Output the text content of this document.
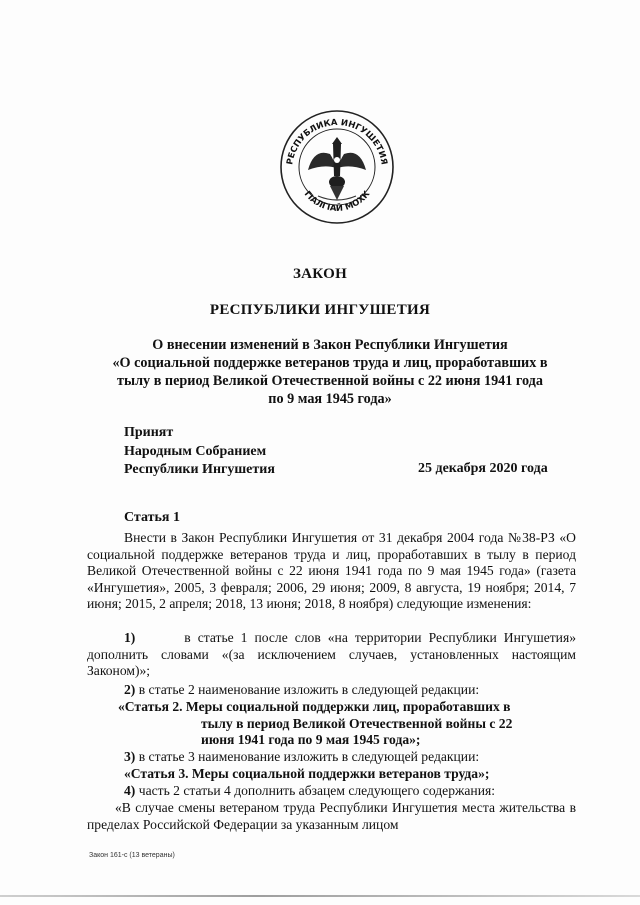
РЕСПУБЛИКА ИНГУШЕТИЯ
ГIАЛГIАЙ МОХК
ЗАКОН
РЕСПУБЛИКИ ИНГУШЕТИЯ
О внесении изменений в Закон Республики Ингушетия
«О социальной поддержке ветеранов труда и лиц, проработавших в
тылу в период Великой Отечественной войны с 22 июня 1941 года
по 9 мая 1945 года»
Принят
Народным Собранием
Республики Ингушетия	25 декабря 2020 года
Статья 1

Внести в Закон Республики Ингушетия от 31 декабря 2004 года №38-РЗ «О социальной поддержке ветеранов труда и лиц, проработавших в тылу в период Великой Отечественной войны с 22 июня 1941 года по 9 мая 1945 года» (газета «Ингушетия», 2005, 3 февраля; 2006, 29 июня; 2009, 8 августа, 19 ноября; 2014, 7 июня; 2015, 2 апреля; 2018, 13 июня; 2018, 8 ноября) следующие изменения:

1)	в статье 1 после слов «на территории Республики Ингушетия» дополнить словами «(за исключением случаев, установленных настоящим Законом)»;

2) в статье 2 наименование изложить в следующей редакции:
«Статья 2. Меры социальной поддержки лиц, проработавших в
тылу в период Великой Отечественной войны с 22
июня 1941 года по 9 мая 1945 года»;
3) в статье 3 наименование изложить в следующей редакции:
«Статья 3. Меры социальной поддержки ветеранов труда»;
4) часть 2 статьи 4 дополнить абзацем следующего содержания:

«В случае смены ветераном труда Республики Ингушетия места жительства в пределах Российской Федерации за указанным лицом

Закон 161-с (13 ветераны)
